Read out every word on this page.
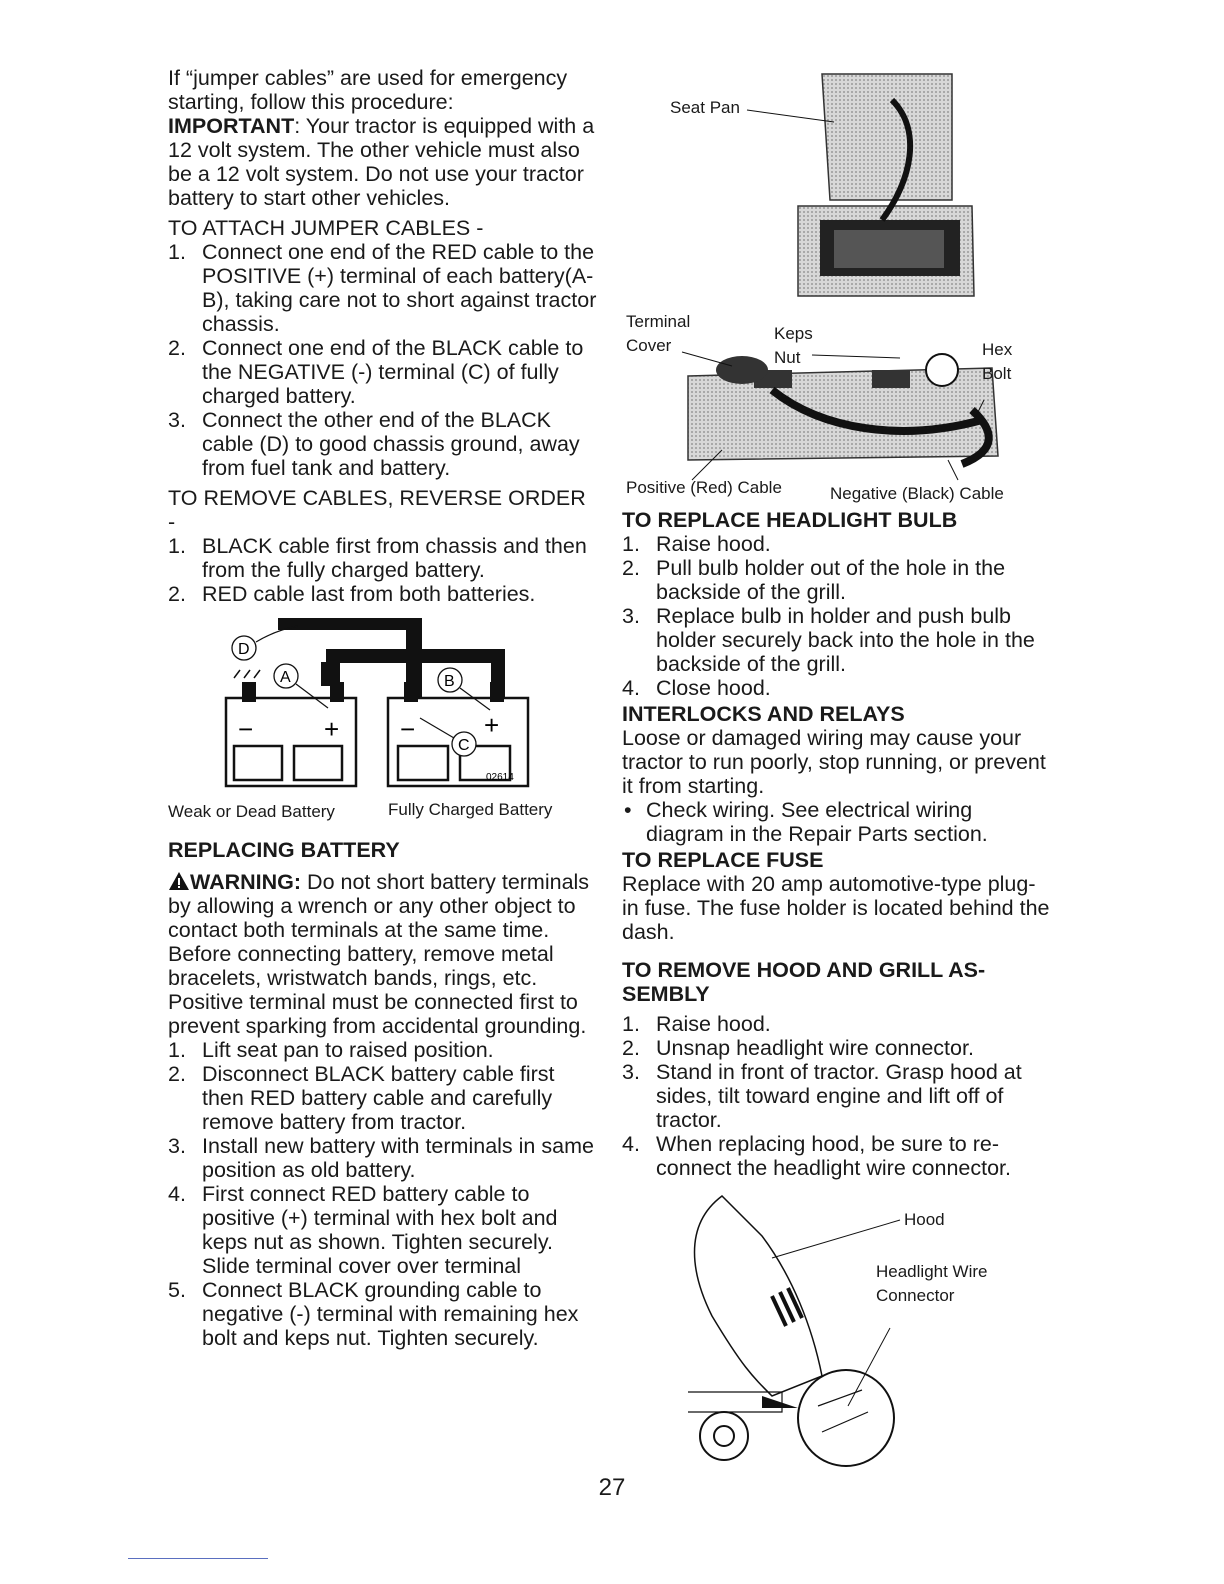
If “jumper cables” are used for emergency starting, follow this procedure:

IMPORTANT: Your tractor is equipped with a 12 volt system. The other vehicle must also be a 12 volt system. Do not use your tractor battery to start other vehicles.

TO ATTACH JUMPER CABLES -

1. Connect one end of the RED cable to the POSITIVE (+) terminal of each battery(A-B), taking care not to short against tractor chassis.
2. Connect one end of the BLACK cable to the NEGATIVE (-) terminal (C) of fully charged battery.
3. Connect the other end of the BLACK cable (D) to good chassis ground, away from fuel tank and battery.

TO REMOVE CABLES, REVERSE ORDER -

1. BLACK cable first from chassis and then from the fully charged battery.
2. RED cable last from both batteries.
−	+ −	+
D
A	B
C
02614
Weak or Dead Battery	Fully Charged Battery

REPLACING BATTERY

WARNING: Do not short battery terminals by allowing a wrench or any other object to contact both terminals at the same time. Before connecting battery, remove metal bracelets, wristwatch bands, rings, etc.

Positive terminal must be connected first to prevent sparking from accidental grounding.

1. Lift seat pan to raised position.
2. Disconnect BLACK battery cable first then RED battery cable and carefully remove battery from tractor.
3. Install new battery with terminals in same position as old battery.
4. First connect RED battery cable to positive (+) terminal with hex bolt and keps nut as shown. Tighten securely. Slide terminal cover over terminal
5. Connect BLACK grounding cable to negative (-) terminal with remaining hex bolt and keps nut. Tighten securely.
Seat Pan
Terminal Cover
Keps Nut	Hex Bolt
Positive (Red) Cable	Negative (Black) Cable

TO REPLACE HEADLIGHT BULB

1. Raise hood.
2. Pull bulb holder out of the hole in the backside of the grill.
3. Replace bulb in holder and push bulb holder securely back into the hole in the backside of the grill.
4. Close hood.

INTERLOCKS AND RELAYS

Loose or damaged wiring may cause your tractor to run poorly, stop running, or prevent it from starting.

• Check wiring. See electrical wiring diagram in the Repair Parts section.

TO REPLACE FUSE

Replace with 20 amp automotive-type plug-in fuse. The fuse holder is located behind the dash.

TO REMOVE HOOD AND GRILL AS-SEMBLY

1. Raise hood.
2. Unsnap headlight wire connector.
3. Stand in front of tractor. Grasp hood at sides, tilt toward engine and lift off of tractor.
4. When replacing hood, be sure to re-connect the headlight wire connector.
Hood
Headlight Wire Connector
27
